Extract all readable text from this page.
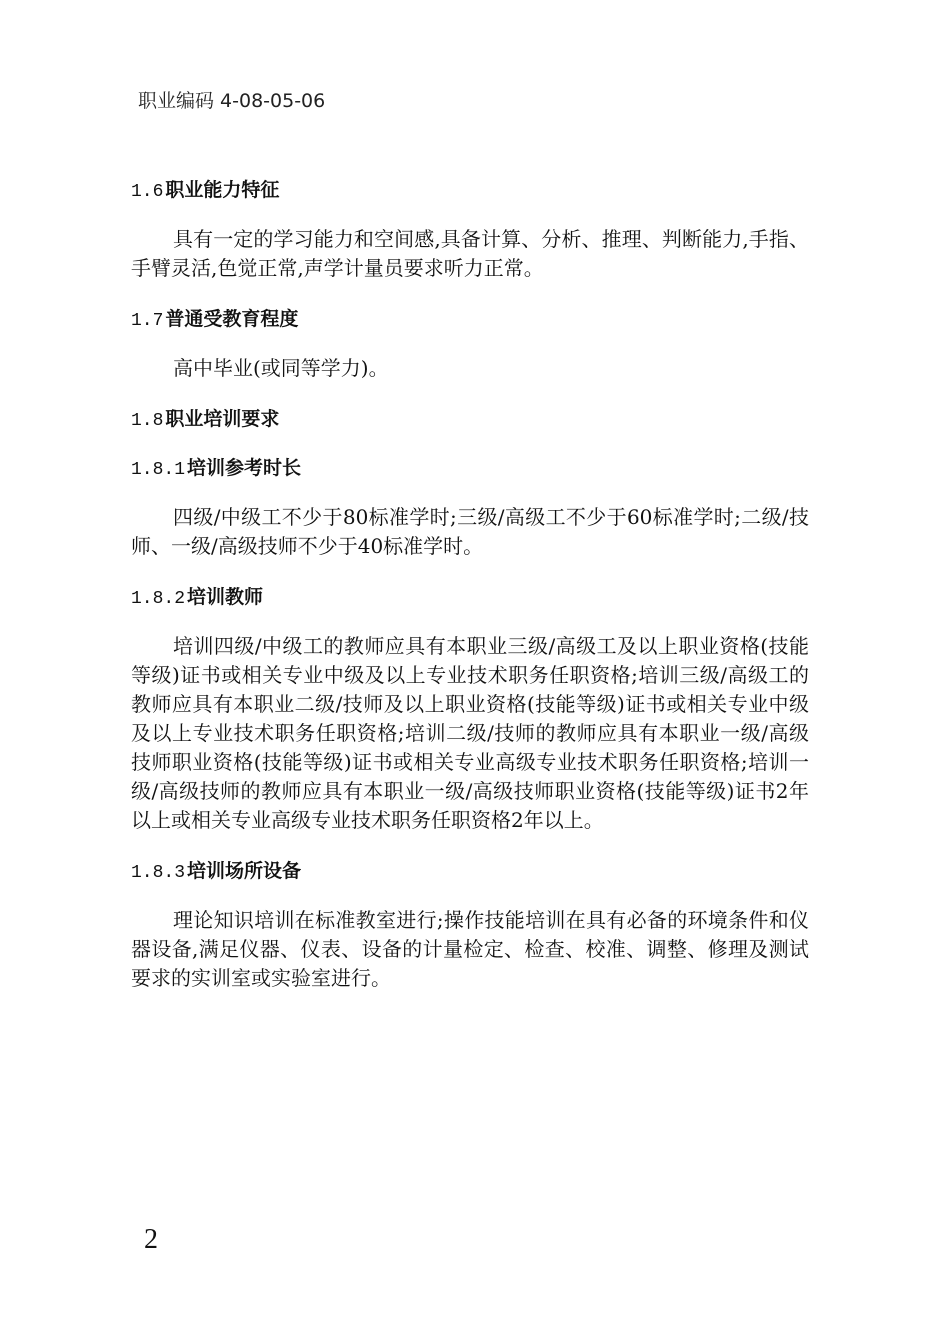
职业编码 4-08-05-06
1.6 职业能力特征

具有一定的学习能力和空间感,具备计算、分析、推理、判断能力,手指、手臂灵活,色觉正常,声学计量员要求听力正常。

1.7 普通受教育程度

高中毕业(或同等学力)。

1.8 职业培训要求
1.8.1 培训参考时长

四级/中级工不少于80标准学时;三级/高级工不少于60标准学时;二级/技师、一级/高级技师不少于40标准学时。

1.8.2 培训教师

培训四级/中级工的教师应具有本职业三级/高级工及以上职业资格(技能等级)证书或相关专业中级及以上专业技术职务任职资格;培训三级/高级工的教师应具有本职业二级/技师及以上职业资格(技能等级)证书或相关专业中级及以上专业技术职务任职资格;培训二级/技师的教师应具有本职业一级/高级技师职业资格(技能等级)证书或相关专业高级专业技术职务任职资格;培训一级/高级技师的教师应具有本职业一级/高级技师职业资格(技能等级)证书2年以上或相关专业高级专业技术职务任职资格2年以上。

1.8.3 培训场所设备

理论知识培训在标准教室进行;操作技能培训在具有必备的环境条件和仪器设备,满足仪器、仪表、设备的计量检定、检查、校准、调整、修理及测试要求的实训室或实验室进行。

2
